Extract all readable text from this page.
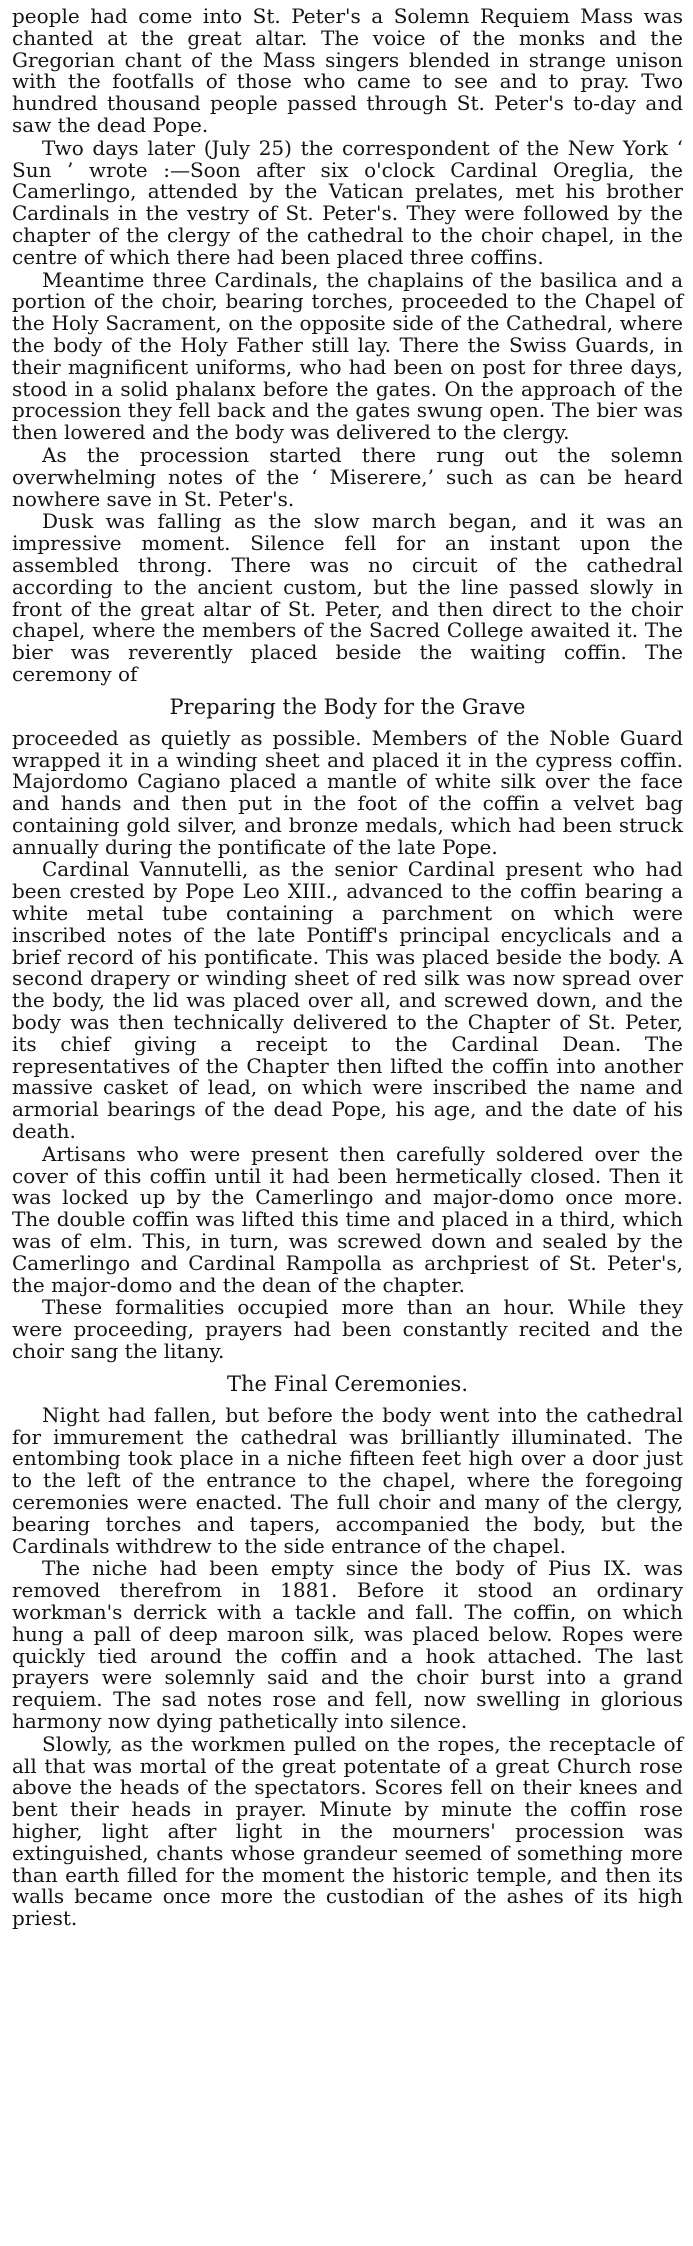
people had come into St. Peter's a Solemn Requiem Mass was chanted at the great altar. The voice of the monks and the Gregorian chant of the Mass singers blended in strange unison with the footfalls of those who came to see and to pray. Two hundred thousand people passed through St. Peter's to-day and saw the dead Pope.

Two days later (July 25) the correspondent of the New York ‘ Sun ’ wrote :—Soon after six o'clock Cardinal Oreglia, the Camerlingo, attended by the Vatican prelates, met his brother Cardinals in the vestry of St. Peter's. They were followed by the chapter of the clergy of the cathedral to the choir chapel, in the centre of which there had been placed three coffins.

Meantime three Cardinals, the chaplains of the basilica and a portion of the choir, bearing torches, proceeded to the Chapel of the Holy Sacrament, on the opposite side of the Cathedral, where the body of the Holy Father still lay. There the Swiss Guards, in their magnificent uniforms, who had been on post for three days, stood in a solid phalanx before the gates. On the approach of the procession they fell back and the gates swung open. The bier was then lowered and the body was delivered to the clergy.

As the procession started there rung out the solemn overwhelming notes of the ‘ Miserere,’ such as can be heard nowhere save in St. Peter's.

Dusk was falling as the slow march began, and it was an impressive moment. Silence fell for an instant upon the assembled throng. There was no circuit of the cathedral according to the ancient custom, but the line passed slowly in front of the great altar of St. Peter, and then direct to the choir chapel, where the members of the Sacred College awaited it. The bier was reverently placed beside the waiting coffin. The ceremony of

Preparing the Body for the Grave

proceeded as quietly as possible. Members of the Noble Guard wrapped it in a winding sheet and placed it in the cypress coffin. Majordomo Cagiano placed a mantle of white silk over the face and hands and then put in the foot of the coffin a velvet bag containing gold silver, and bronze medals, which had been struck annually during the pontificate of the late Pope.

Cardinal Vannutelli, as the senior Cardinal present who had been crested by Pope Leo XIII., advanced to the coffin bearing a white metal tube containing a parchment on which were inscribed notes of the late Pontiff's principal encyclicals and a brief record of his pontificate. This was placed beside the body. A second drapery or winding sheet of red silk was now spread over the body, the lid was placed over all, and screwed down, and the body was then technically delivered to the Chapter of St. Peter, its chief giving a receipt to the Cardinal Dean. The representatives of the Chapter then lifted the coffin into another massive casket of lead, on which were inscribed the name and armorial bearings of the dead Pope, his age, and the date of his death.

Artisans who were present then carefully soldered over the cover of this coffin until it had been hermetically closed. Then it was locked up by the Camerlingo and major-domo once more. The double coffin was lifted this time and placed in a third, which was of elm. This, in turn, was screwed down and sealed by the Camerlingo and Cardinal Rampolla as archpriest of St. Peter's, the major-domo and the dean of the chapter.

These formalities occupied more than an hour. While they were proceeding, prayers had been constantly recited and the choir sang the litany.

The Final Ceremonies.

Night had fallen, but before the body went into the cathedral for immurement the cathedral was brilliantly illuminated. The entombing took place in a niche fifteen feet high over a door just to the left of the entrance to the chapel, where the foregoing ceremonies were enacted. The full choir and many of the clergy, bearing torches and tapers, accompanied the body, but the Cardinals withdrew to the side entrance of the chapel.

The niche had been empty since the body of Pius IX. was removed therefrom in 1881. Before it stood an ordinary workman's derrick with a tackle and fall. The coffin, on which hung a pall of deep maroon silk, was placed below. Ropes were quickly tied around the coffin and a hook attached. The last prayers were solemnly said and the choir burst into a grand requiem. The sad notes rose and fell, now swelling in glorious harmony now dying pathetically into silence.

Slowly, as the workmen pulled on the ropes, the receptacle of all that was mortal of the great potentate of a great Church rose above the heads of the spectators. Scores fell on their knees and bent their heads in prayer. Minute by minute the coffin rose higher, light after light in the mourners' procession was extinguished, chants whose grandeur seemed of something more than earth filled for the moment the historic temple, and then its walls became once more the custodian of the ashes of its high priest.
